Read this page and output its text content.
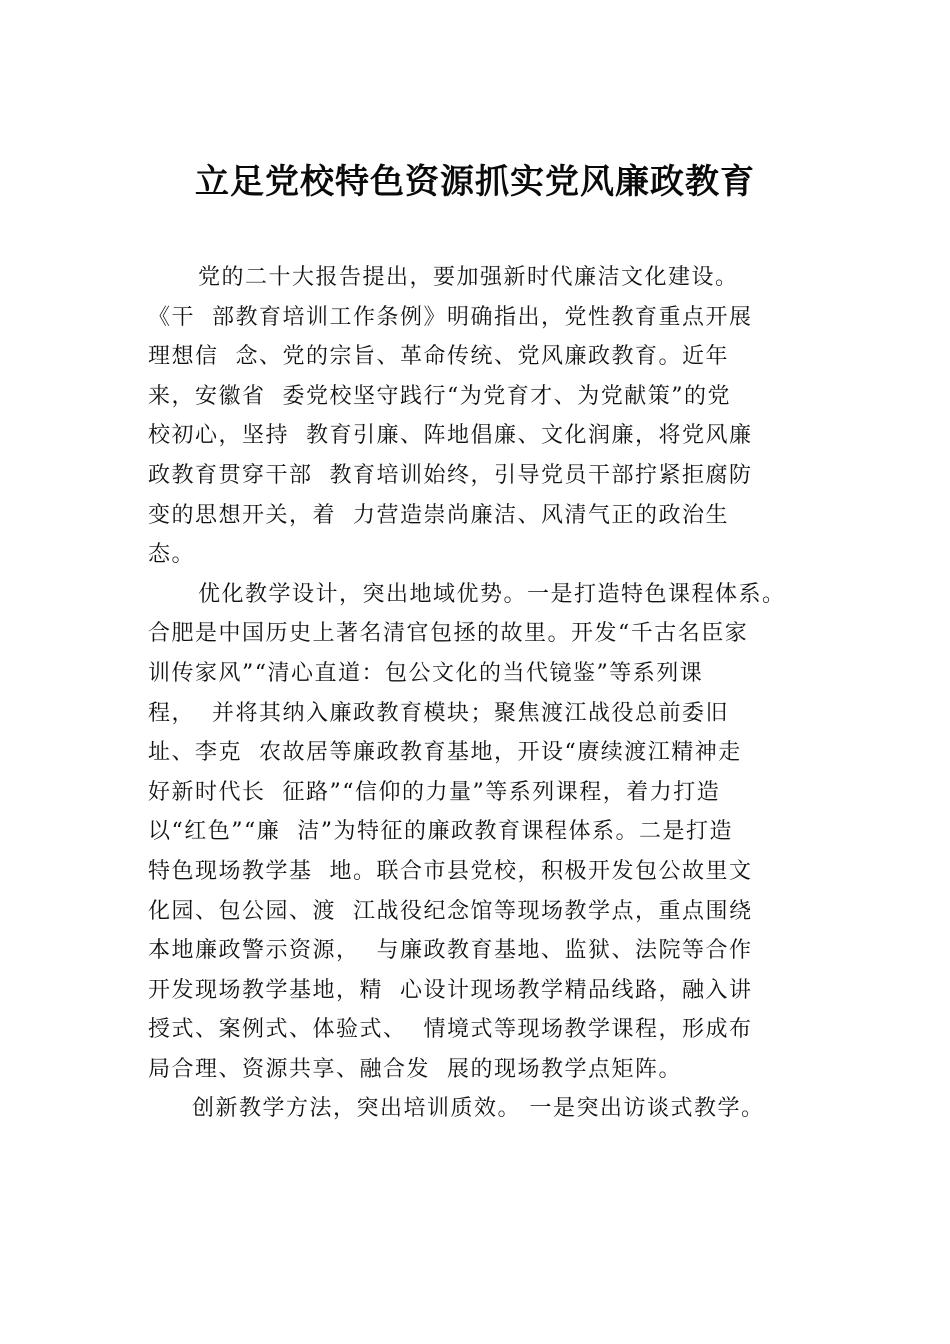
立足党校特色资源抓实党风廉政教育
党的二十大报告提出，要加强新时代廉洁文化建设。
《干  部教育培训工作条例》明确指出，党性教育重点开展
理想信  念、党的宗旨、革命传统、党风廉政教育。近年
来，安徽省  委党校坚守践行“为党育才、为党献策”的党
校初心，坚持  教育引廉、阵地倡廉、文化润廉，将党风廉
政教育贯穿干部  教育培训始终，引导党员干部拧紧拒腐防
变的思想开关，着  力营造崇尚廉洁、风清气正的政治生
态。
优化教学设计，突出地域优势。一是打造特色课程体系。
合肥是中国历史上著名清官包拯的故里。开发“千古名臣家
训传家风”“清心直道：包公文化的当代镜鉴”等系列课
程，  并将其纳入廉政教育模块；聚焦渡江战役总前委旧
址、李克  农故居等廉政教育基地，开设“赓续渡江精神走
好新时代长  征路”“信仰的力量”等系列课程，着力打造
以“红色”“廉  洁”为特征的廉政教育课程体系。二是打造
特色现场教学基  地。联合市县党校，积极开发包公故里文
化园、包公园、渡  江战役纪念馆等现场教学点，重点围绕
本地廉政警示资源，  与廉政教育基地、监狱、法院等合作
开发现场教学基地，精  心设计现场教学精品线路，融入讲
授式、案例式、体验式、  情境式等现场教学课程，形成布
局合理、资源共享、融合发  展的现场教学点矩阵。
创新教学方法，突出培训质效。 一是突出访谈式教学。
